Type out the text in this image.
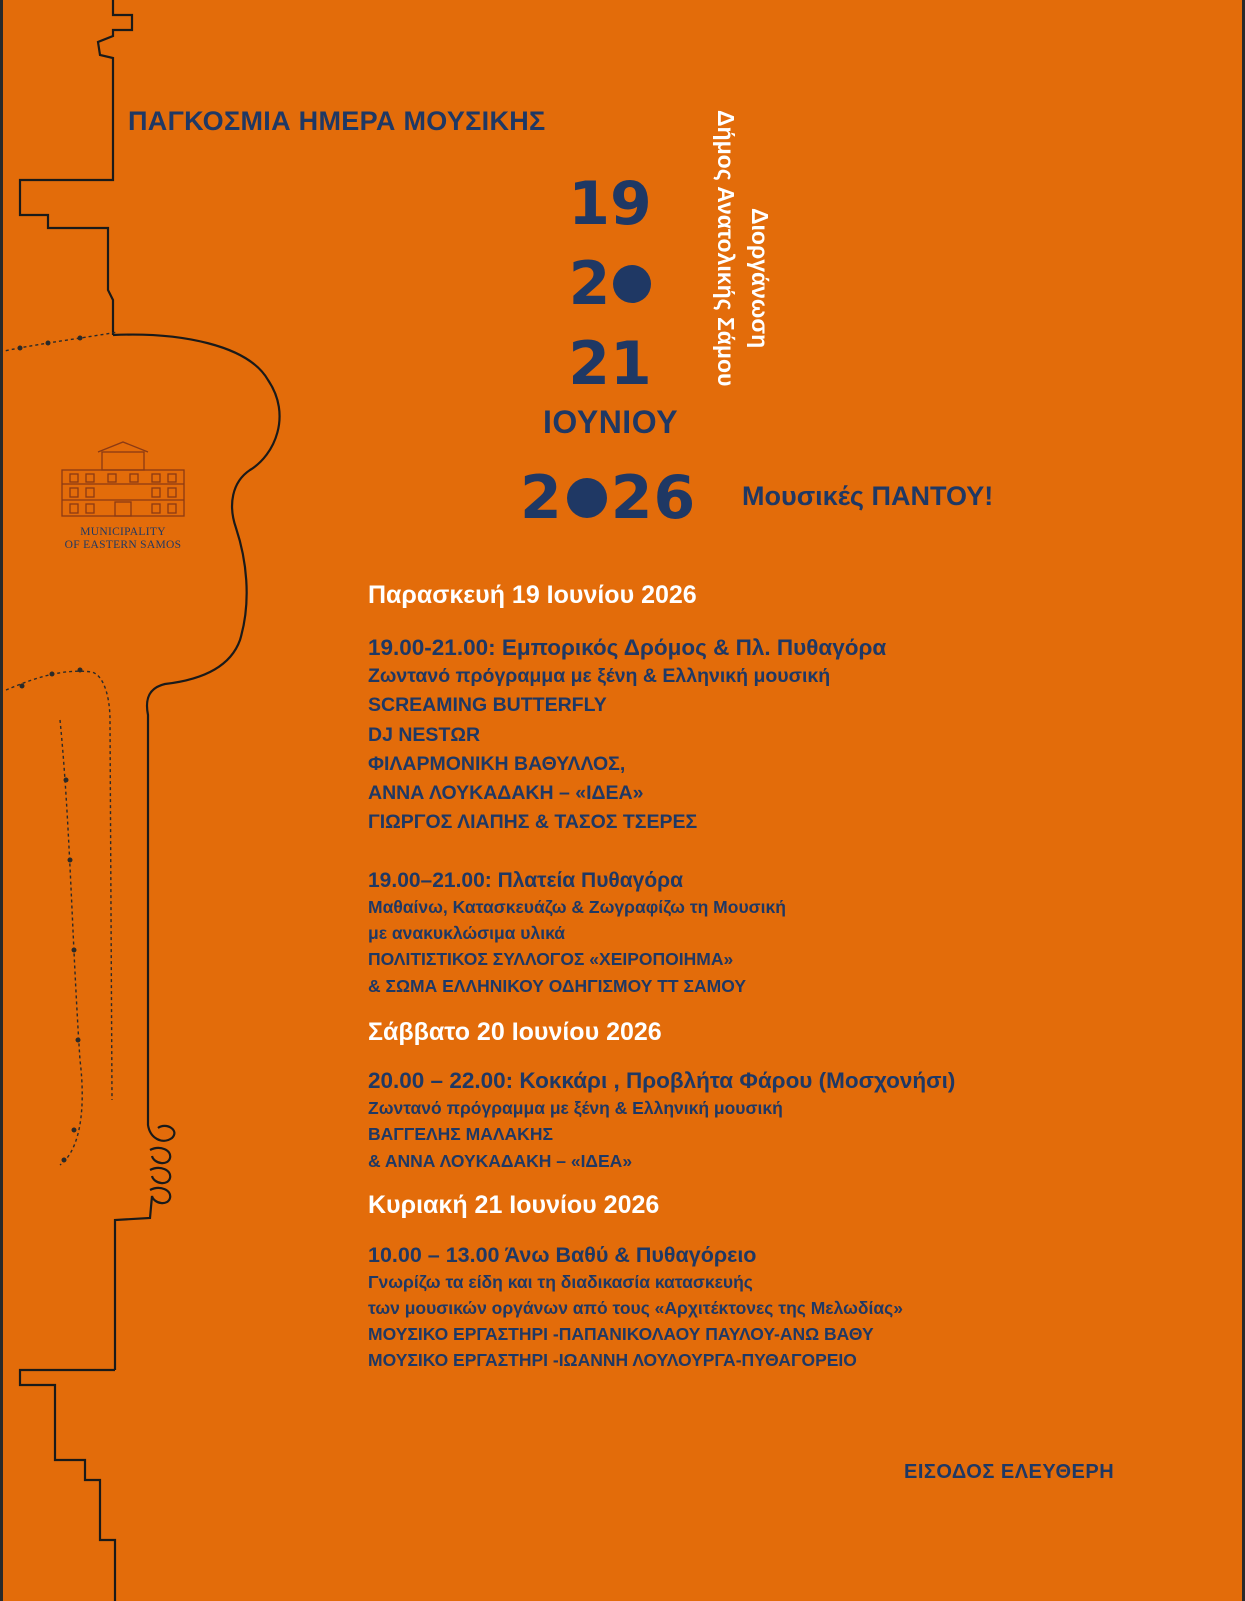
MUNICIPALITY
OF EASTERN SAMOS
ΠΑΓΚΟΣΜΙΑ ΗΜΕΡΑ ΜΟΥΣΙΚΗΣ
19
2
21
ΙΟΥΝΙΟΥ
2 26
Δήμος Ανατολικής Σάμου Διοργάνωση
Μουσικές ΠΑΝΤΟΥ!
Παρασκευή 19 Ιουνίου 2026
19.00-21.00: Εμπορικός Δρόμος & Πλ. Πυθαγόρα
Ζωντανό πρόγραμμα με ξένη & Ελληνική μουσική
SCREAMING BUTTERFLY
DJ NESTΩR
ΦΙΛΑΡΜΟΝΙΚΗ ΒΑΘΥΛΛΟΣ,
ΑΝΝΑ ΛΟΥΚΑΔΑΚΗ – «ΙΔΕΑ»
ΓΙΩΡΓΟΣ ΛΙΑΠΗΣ & ΤΑΣΟΣ ΤΣΕΡΕΣ
19.00–21.00: Πλατεία Πυθαγόρα
Μαθαίνω, Κατασκευάζω & Ζωγραφίζω τη Μουσική
με ανακυκλώσιμα υλικά
ΠΟΛΙΤΙΣΤΙΚΟΣ ΣΥΛΛΟΓΟΣ «ΧΕΙΡΟΠΟΙΗΜΑ»
& ΣΩΜΑ ΕΛΛΗΝΙΚΟΥ ΟΔΗΓΙΣΜΟΥ ΤΤ ΣΑΜΟΥ
Σάββατο 20 Ιουνίου 2026
20.00 – 22.00: Κοκκάρι , Προβλήτα Φάρου (Μοσχονήσι)
Ζωντανό πρόγραμμα με ξένη & Ελληνική μουσική
ΒΑΓΓΕΛΗΣ ΜΑΛΑΚΗΣ
& ΑΝΝΑ ΛΟΥΚΑΔΑΚΗ – «ΙΔΕΑ»
Κυριακή 21 Ιουνίου 2026
10.00 – 13.00 Άνω Βαθύ & Πυθαγόρειο
Γνωρίζω τα είδη και τη διαδικασία κατασκευής
των μουσικών οργάνων από τους «Αρχιτέκτονες της Μελωδίας»
ΜΟΥΣΙΚΟ ΕΡΓΑΣΤΗΡΙ -ΠΑΠΑΝΙΚΟΛΑΟΥ ΠΑΥΛΟΥ-ΑΝΩ ΒΑΘΥ
ΜΟΥΣΙΚΟ ΕΡΓΑΣΤΗΡΙ -ΙΩΑΝΝΗ ΛΟΥΛΟΥΡΓΑ-ΠΥΘΑΓΟΡΕΙΟ
ΕΙΣΟΔΟΣ ΕΛΕΥΘΕΡΗ
